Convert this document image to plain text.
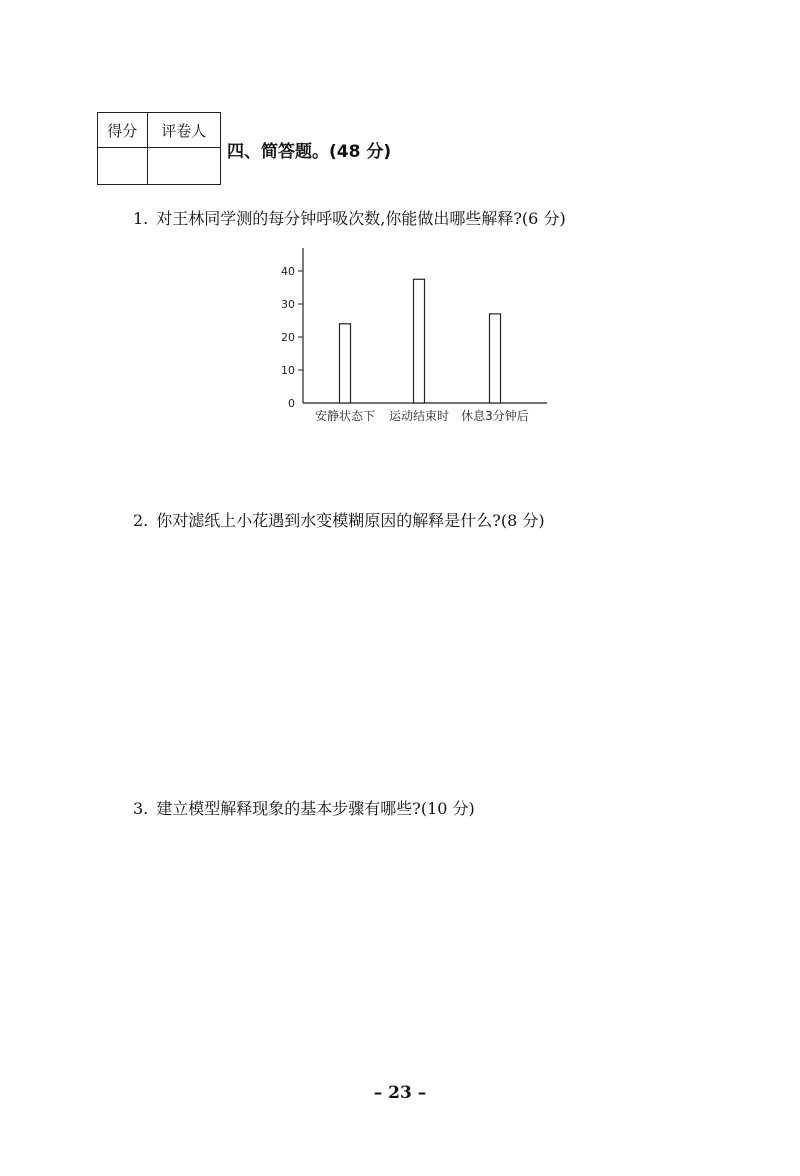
得分	评卷人

四、简答题。(48 分)
1. 对王林同学测的每分钟呼吸次数,你能做出哪些解释?(6 分)
0
10
20
30
40
安静状态下 运动结束时 休息3分钟后
2. 你对滤纸上小花遇到水变模糊原因的解释是什么?(8 分)
3. 建立模型解释现象的基本步骤有哪些?(10 分)
– 23 –
